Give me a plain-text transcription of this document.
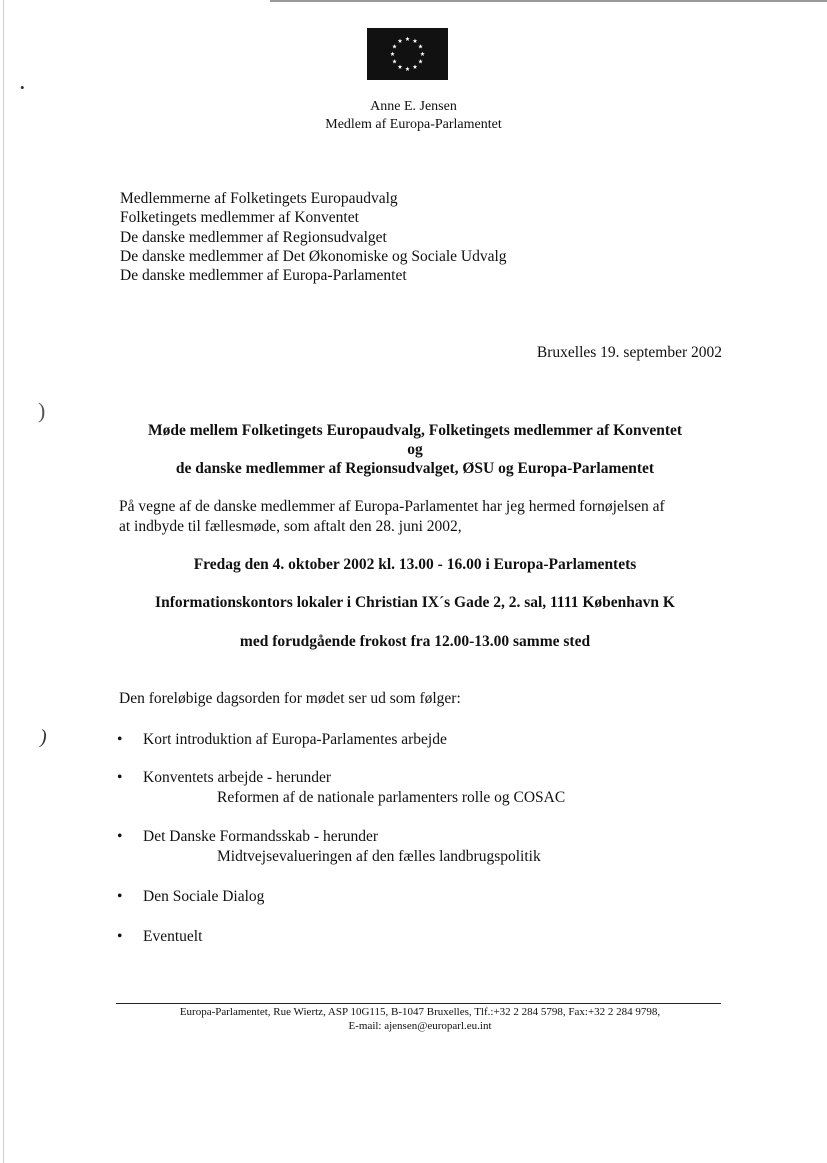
•
)
)
Anne E. Jensen
Medlem af Europa-Parlamentet
Medlemmerne af Folketingets Europaudvalg
Folketingets medlemmer af Konventet
De danske medlemmer af Regionsudvalget
De danske medlemmer af Det Økonomiske og Sociale Udvalg
De danske medlemmer af Europa-Parlamentet
Bruxelles 19. september 2002
Møde mellem Folketingets Europaudvalg, Folketingets medlemmer af Konventet
og
de danske medlemmer af Regionsudvalget, ØSU og Europa-Parlamentet
På vegne af de danske medlemmer af Europa-Parlamentet har jeg hermed fornøjelsen af
at indbyde til fællesmøde, som aftalt den 28. juni 2002,
Fredag den 4. oktober 2002 kl. 13.00 - 16.00 i Europa-Parlamentets
Informationskontors lokaler i Christian IX´s Gade 2, 2. sal, 1111 København K
med forudgående frokost fra 12.00-13.00 samme sted
Den foreløbige dagsorden for mødet ser ud som følger:
• Kort introduktion af Europa-Parlamentes arbejde
• Konventets arbejde - herunder
Reformen af de nationale parlamenters rolle og COSAC
• Det Danske Formandsskab - herunder
Midtvejsevalueringen af den fælles landbrugspolitik
• Den Sociale Dialog
• Eventuelt
Europa-Parlamentet, Rue Wiertz, ASP 10G115, B-1047 Bruxelles, Tlf.:+32 2 284 5798, Fax:+32 2 284 9798,
E-mail: ajensen@europarl.eu.int
